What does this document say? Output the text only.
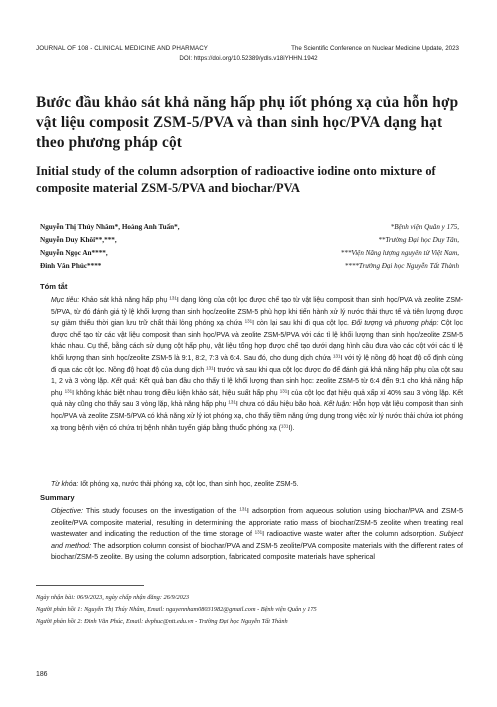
JOURNAL OF 108 - CLINICAL MEDICINE AND PHARMACY	The Scientific Conference on Nuclear Medicine Update, 2023
DOI: https://doi.org/10.52389/ydls.v18iYHHN.1942
Bước đầu khảo sát khả năng hấp phụ iốt phóng xạ của hỗn hợp vật liệu composit ZSM-5/PVA và than sinh học/PVA dạng hạt theo phương pháp cột
Initial study of the column adsorption of radioactive iodine onto mixture of composite material ZSM-5/PVA and biochar/PVA
Nguyễn Thị Thúy Nhâm*, Hoàng Anh Tuấn*,	*Bệnh viện Quân y 175,
Nguyễn Duy Khôi**,***,	**Trường Đại học Duy Tân,
Nguyễn Ngọc An****,	***Viện Năng lượng nguyên tử Việt Nam,
Đinh Văn Phúc****	****Trường Đại học Nguyễn Tất Thành
Tóm tắt
Mục tiêu: Khảo sát khả năng hấp phụ $^{131}$I dạng lỏng của cột lọc được chế tạo từ vật liệu composit than sinh học/PVA và zeolite ZSM-5/PVA, từ đó đánh giá tỷ lệ khối lượng than sinh học/zeolite ZSM-5 phù hợp khi tiến hành xử lý nước thải thực tế và tiên lượng được sự giảm thiểu thời gian lưu trữ chất thải lỏng phóng xạ chứa $^{131}$I còn lại sau khi đi qua cột lọc. Đối tượng và phương pháp: Cột lọc được chế tạo từ các vật liệu composit than sinh học/PVA và zeolite ZSM-5/PVA với các tỉ lệ khối lượng than sinh học/zeolite ZSM-5 khác nhau. Cụ thể, bằng cách sử dụng cột hấp phụ, vật liệu tổng hợp được chế tạo dưới dạng hình cầu đưa vào các cột với các tỉ lệ khối lượng than sinh học/zeolite ZSM-5 là 9:1, 8:2, 7:3 và 6:4. Sau đó, cho dung dịch chứa $^{131}$I với tỷ lệ nồng độ hoạt độ cố định cùng đi qua các cột lọc. Nồng độ hoạt độ của dung dịch $^{131}$I trước và sau khi qua cột lọc được đo để đánh giá khả năng hấp phụ của cột sau 1, 2 và 3 vòng lặp. Kết quả: Kết quả ban đầu cho thấy tỉ lệ khối lượng than sinh học: zeolite ZSM-5 từ 6:4 đến 9:1 cho khả năng hấp phụ $^{131}$I không khác biệt nhau trong điều kiện khảo sát, hiệu suất hấp phụ $^{131}$I của cột lọc đạt hiệu quả xấp xỉ 40% sau 3 vòng lặp. Kết quả này cũng cho thấy sau 3 vòng lặp, khả năng hấp phụ $^{131}$I chưa có dấu hiệu bão hoà. Kết luận: Hỗn hợp vật liệu composit than sinh học/PVA và zeolite ZSM-5/PVA có khả năng xử lý iot phóng xạ, cho thấy tiềm năng ứng dụng trong việc xử lý nước thải chứa iot phóng xạ trong bệnh viện có chứa trị bệnh nhân tuyến giáp bằng thuốc phóng xạ ($^{131}$I).
Từ khóa: Iốt phóng xạ, nước thải phóng xạ, cột lọc, than sinh học, zeolite ZSM-5.
Summary
Objective: This study focuses on the investigation of the $^{131}$I adsorption from aqueous solution using biochar/PVA and ZSM-5 zeolite/PVA composite material, resulting in determining the approriate ratio mass of biochar/ZSM-5 zeolite when treating real wastewater and indicating the reduction of the time storage of $^{131}$I radioactive waste water after the column adsorption. Subject and method: The adsorption column consist of biochar/PVA and ZSM-5 zeolite/PVA composite materials with the different rates of biochar/ZSM-5 zeolite. By using the column adsorption, fabricated composite materials have spherical
Ngày nhận bài: 06/9/2023, ngày chấp nhận đăng: 26/9/2023
Người phản hồi 1: Nguyễn Thị Thúy Nhâm, Email: nguyennham08031982@gmail.com - Bệnh viện Quân y 175
Người phản hồi 2: Đinh Văn Phúc, Email: dvphuc@ntt.edu.vn - Trường Đại học Nguyễn Tất Thành
186
